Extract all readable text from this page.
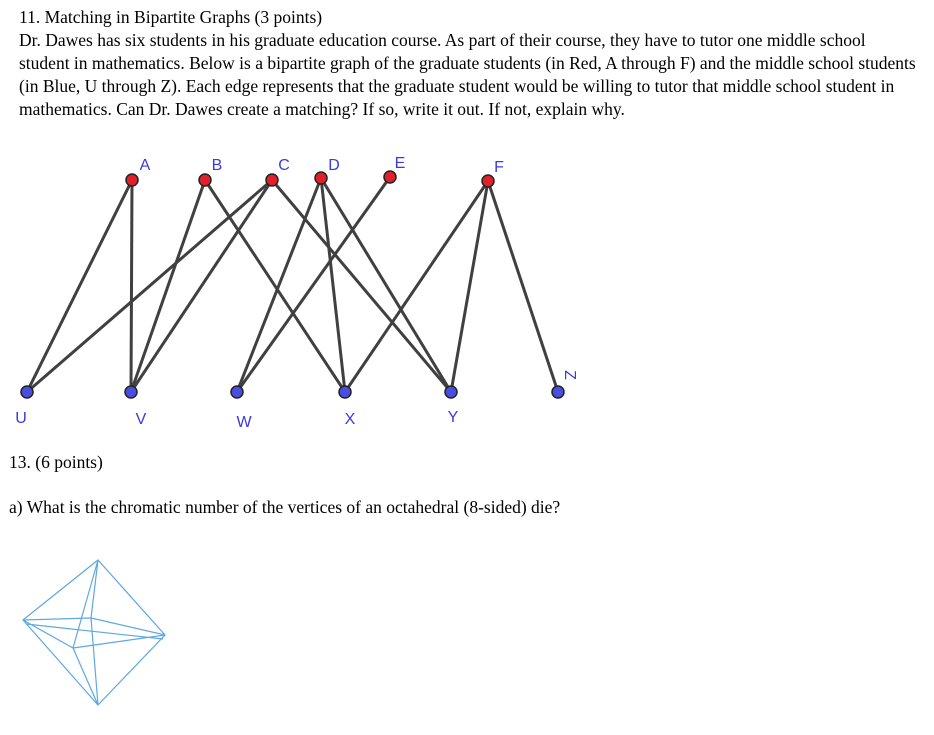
11. Matching in Bipartite Graphs (3 points)

Dr. Dawes has six students in his graduate education course. As part of their course, they have to tutor one middle school student in mathematics. Below is a bipartite graph of the graduate students (in Red, A through F) and the middle school students (in Blue, U through Z). Each edge represents that the graduate student would be willing to tutor that middle school student in mathematics. Can Dr. Dawes create a matching? If so, write it out. If not, explain why.

A	B	C D	E	F
U	V	W	X	Y
Z

13. (6 points)

a) What is the chromatic number of the vertices of an octahedral (8-sided) die?
